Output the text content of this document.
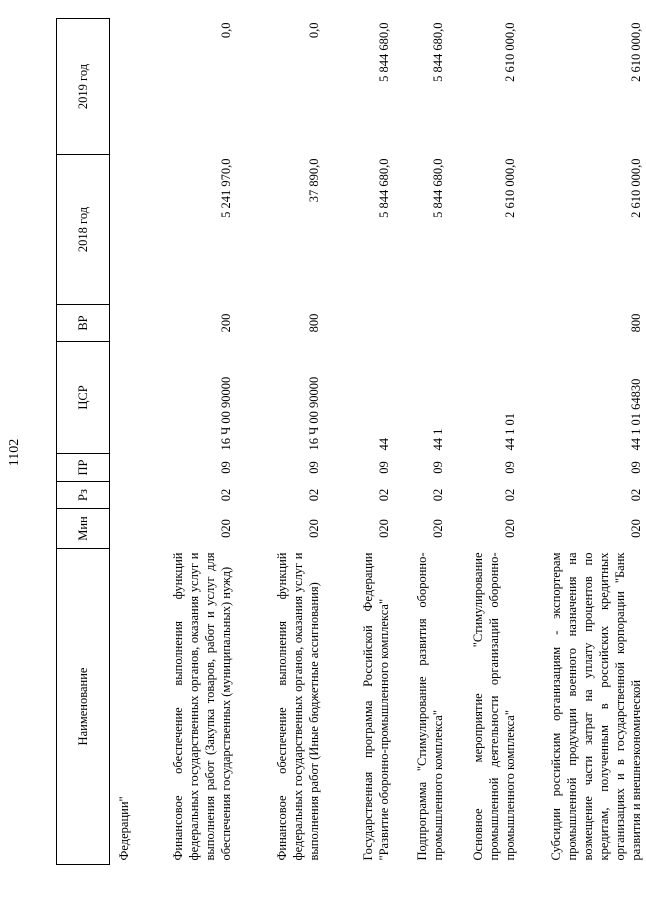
1102
Наименование	Мин	Рз	ПР	ЦСР	ВР	2018 год	2019 год
Федерации"							
Финансовое обеспечение выполнения функций федеральных государственных органов, оказания услуг и выполнения работ (Закупка товаров, работ и услуг для обеспечения государственных (муниципальных) нужд)	020	02	09	16 Ч 00 90000	200	5 241 970,0	0,0
Финансовое обеспечение выполнения функций федеральных государственных органов, оказания услуг и выполнения работ (Иные бюджетные ассигнования)	020	02	09	16 Ч 00 90000	800	37 890,0	0,0
Государственная программа Российской Федерации "Развитие оборонно-промышленного комплекса"	020	02	09	44		5 844 680,0	5 844 680,0
Подпрограмма "Стимулирование развития оборонно-промышленного комплекса"	020	02	09	44 1		5 844 680,0	5 844 680,0
Основное мероприятие "Стимулирование промышленной деятельности организаций оборонно-промышленного комплекса"	020	02	09	44 1 01		2 610 000,0	2 610 000,0
Субсидии российским организациям - экспортерам промышленной продукции военного назначения на возмещение части затрат на уплату процентов по кредитам, полученным в российских кредитных организациях и в государственной корпорации "Банк развития и внешнеэкономической	020	02	09	44 1 01 64830	800	2 610 000,0	2 610 000,0
